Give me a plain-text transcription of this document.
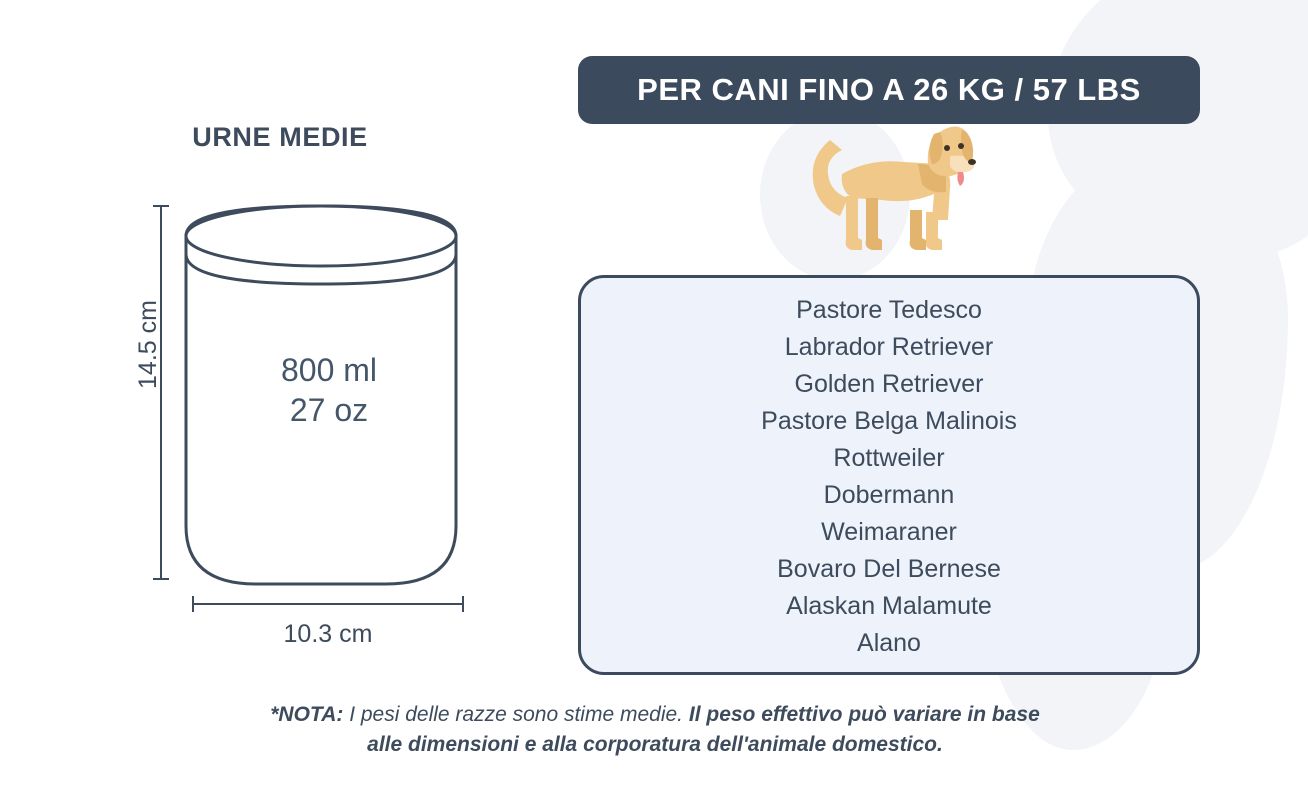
URNE MEDIE
14.5 cm
10.3 cm
800 ml
27 oz
PER CANI FINO A 26 KG / 57 LBS
Pastore Tedesco
Labrador Retriever
Golden Retriever
Pastore Belga Malinois
Rottweiler
Dobermann
Weimaraner
Bovaro Del Bernese
Alaskan Malamute
Alano
*NOTA: I pesi delle razze sono stime medie. Il peso effettivo può variare in base
alle dimensioni e alla corporatura dell'animale domestico.
